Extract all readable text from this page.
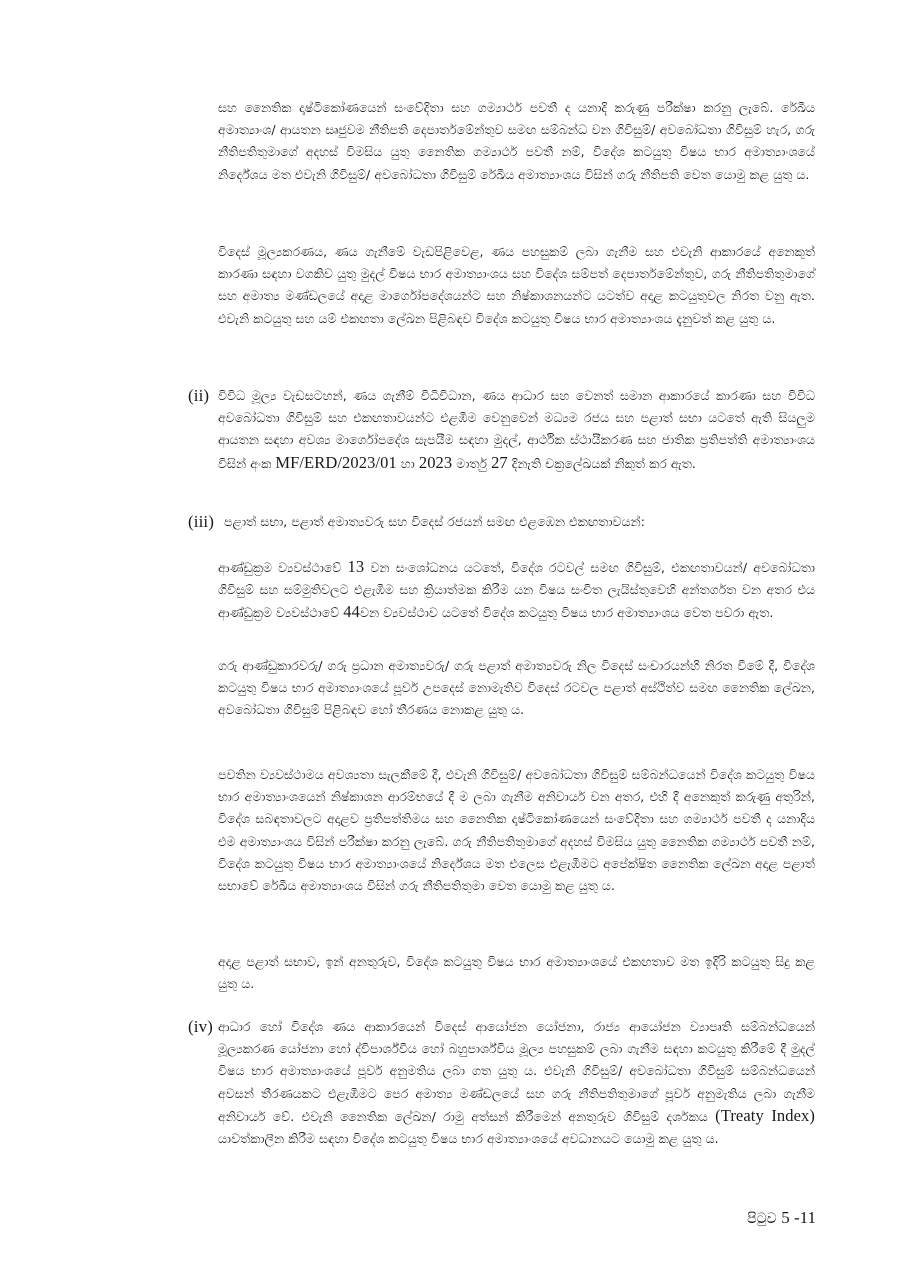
සහ නෛතික දෘෂ්ටිකෝණයෙන් සංවේදිතා සහ ගම්‍යාර්ථ පවතී ද යනාදි කරුණු පරීක්ෂා කරනු ලැබේ. රේඛීය අමාත්‍යාංශ/ ආයතන සෘජුවම නීතිපති දෙපාර්තමේන්තුව සමඟ සම්බන්ධ වන ගිවිසුම්/ අවබෝධතා ගිවිසුම් හැර, ගරු නීතිපතිතුමාගේ අදහස් විමසිය යුතු නෛතික ගම්‍යාර්ථ පවතී නම්, විදේශ කටයුතු විෂය භාර අමාත්‍යාංශයේ නිර්දේශය මත එවැනි ගිවිසුම්/ අවබෝධතා ගිවිසුම් රේඛීය අමාත්‍යාංශය විසින් ගරු නීතිපති වෙත යොමු කළ යුතු ය.

විදෙස් මූල්‍යකරණය, ණය ගැනීමේ වැඩපිළිවෙළ, ණය පහසුකම් ලබා ගැනීම සහ එවැනි ආකාරයේ අනෙකුත් කාරණා සඳහා වගකිව යුතු මුදල් විෂය භාර අමාත්‍යාංශය සහ විදේශ සම්පත් දෙපාර්තමේන්තුව, ගරු නීතිපතිතුමාගේ සහ අමාත්‍ය මණ්ඩලයේ අදාළ මාර්ගෝපදේශයන්ට සහ නිෂ්කාශනයන්ට යටත්ව අදාළ කටයුතුවල නිරත වනු ඇත. එවැනි කටයුතු සහ යම් එකඟතා ලේඛන පිළිබඳව විදේශ කටයුතු විෂය භාර අමාත්‍යාංශය දැනුවත් කළ යුතු ය.

(ii) විවිධ මූල්‍ය වැඩසටහන්, ණය ගැනීම් විධිවිධාන, ණය ආධාර සහ වෙනත් සමාන ආකාරයේ කාරණා සහ විවිධ අවබෝධතා ගිවිසුම් සහ එකඟතාවයන්ට එළඹීම වෙනුවෙන් මධ්‍යම රජය සහ පළාත් සභා යටතේ ඇති සියලුම ආයතන සඳහා අවශ්‍ය මාර්ගෝපදේශ සැපයීම සඳහා මුදල්, ආර්ථික ස්ථායීකරණ සහ ජාතික ප්‍රතිපත්ති අමාත්‍යාංශය විසින් අංක MF/ERD/2023/01 හා 2023 මාර්තු 27 දිනැති චක්‍රලේඛයක් නිකුත් කර ඇත.

(iii) පළාත් සභා, පළාත් අමාත්‍යවරු සහ විදෙස් රජයන් සමඟ එළඹෙන එකඟතාවයන්:

ආණ්ඩුක්‍රම ව්‍යවස්ථාවේ 13 වන සංශෝධනය යටතේ, විදේශ රටවල් සමඟ ගිවිසුම්, එකඟතාවයන්/ අවබෝධතා ගිවිසුම් සහ සම්මුතිවලට එළැඹීම සහ ක්‍රියාත්මක කිරීම යන විෂය සංචිත ලැයිස්තුවෙහි අන්තර්ගත වන අතර එය ආණ්ඩුක්‍රම ව්‍යවස්ථාවේ 44වන ව්‍යවස්ථාව යටතේ විදේශ කටයුතු විෂය භාර අමාත්‍යාංශය වෙත පවරා ඇත.

ගරු ආණ්ඩුකාරවරු/ ගරු ප්‍රධාන අමාත්‍යවරු/ ගරු පළාත් අමාත්‍යවරු නිල විදෙස් සංචාරයන්හි නිරත වීමේ දී, විදේශ කටයුතු විෂය භාර අමාත්‍යාංශයේ පූර්ව උපදෙස් නොමැතිව විදෙස් රටවල පළාත් අස්ථිත්ව සමඟ නෛතික ලේඛන, අවබෝධතා ගිවිසුම් පිළිබඳව හෝ තීරණය නොකළ යුතු ය.

පවතින ව්‍යවස්ථාමය අවශ්‍යතා සැලකීමේ දී, එවැනි ගිවිසුම්/ අවබෝධතා ගිවිසුම් සම්බන්ධයෙන් විදේශ කටයුතු විෂය භාර අමාත්‍යාංශයෙන් නිෂ්කාශන ආරම්භයේ දී ම ලබා ගැනීම අනිවාර්ය වන අතර, එහි දී අනෙකුත් කරුණු අතුරින්, විදේශ සබඳතාවලට අදාළව ප්‍රතිපත්තිමය සහ නෛතික දෘෂ්ටිකෝණයෙන් සංවේදිතා සහ ගම්‍යාර්ථ පවතී ද යනාදිය එම අමාත්‍යාංශය විසින් පරීක්ෂා කරනු ලැබේ. ගරු නීතිපතිතුමාගේ අදහස් විමසිය යුතු නෛතික ගම්‍යාර්ථ පවතී නම්, විදේශ කටයුතු විෂය භාර අමාත්‍යාංශයේ නිර්දේශය මත එලෙස එළැඹීමට අපේක්ෂිත නෛතික ලේඛන අදාළ පළාත් සභාවේ රේඛීය අමාත්‍යාංශය විසින් ගරු නීතිපතිතුමා වෙත යොමු කළ යුතු ය.

අදාළ පළාත් සභාව, ඉන් අනතුරුව, විදේශ කටයුතු විෂය භාර අමාත්‍යාංශයේ එකඟතාව මත ඉදිරි කටයුතු සිදු කළ යුතු ය.

(iv) ආධාර හෝ විදේශ ණය ආකාරයෙන් විදෙස් ආයෝජන යෝජනා, රාජ්‍ය ආයෝජන ව්‍යාපෘති සම්බන්ධයෙන් මූල්‍යකරණ යෝජනා හෝ ද්විපාර්ශ්වීය හෝ බහුපාර්ශ්වීය මූල්‍ය පහසුකම් ලබා ගැනීම සඳහා කටයුතු කිරීමේ දී මුදල් විෂය භාර අමාත්‍යාංශයේ පූර්ව අනුමතිය ලබා ගත යුතු ය. එවැනි ගිවිසුම්/ අවබෝධතා ගිවිසුම් සම්බන්ධයෙන් අවසන් තීරණයකට එළැඹීමට පෙර අමාත්‍ය මණ්ඩලයේ සහ ගරු නීතිපතිතුමාගේ පූර්ව අනුමැතිය ලබා ගැනීම අනිවාර්ය වේ. එවැනි නෛතික ලේඛන/ රාමු අත්සන් කිරීමෙන් අනතුරුව ගිවිසුම් දර්ශකය (Treaty Index) යාවත්කාලීන කිරීම සඳහා විදේශ කටයුතු විෂය භාර අමාත්‍යාංශයේ අවධානයට යොමු කළ යුතු ය.

පිටුව 5 -11
